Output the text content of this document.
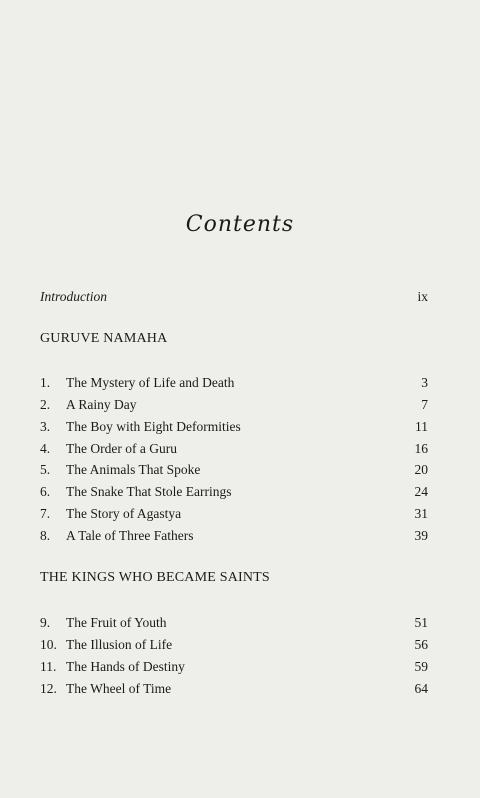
Contents
Introduction	ix
GURUVE NAMAHA
1.	The Mystery of Life and Death	3
2.	A Rainy Day	7
3.	The Boy with Eight Deformities	11
4.	The Order of a Guru	16
5.	The Animals That Spoke	20
6.	The Snake That Stole Earrings	24
7.	The Story of Agastya	31
8.	A Tale of Three Fathers	39
THE KINGS WHO BECAME SAINTS
9.	The Fruit of Youth	51
10. The Illusion of Life	56
11. The Hands of Destiny	59
12. The Wheel of Time	64
